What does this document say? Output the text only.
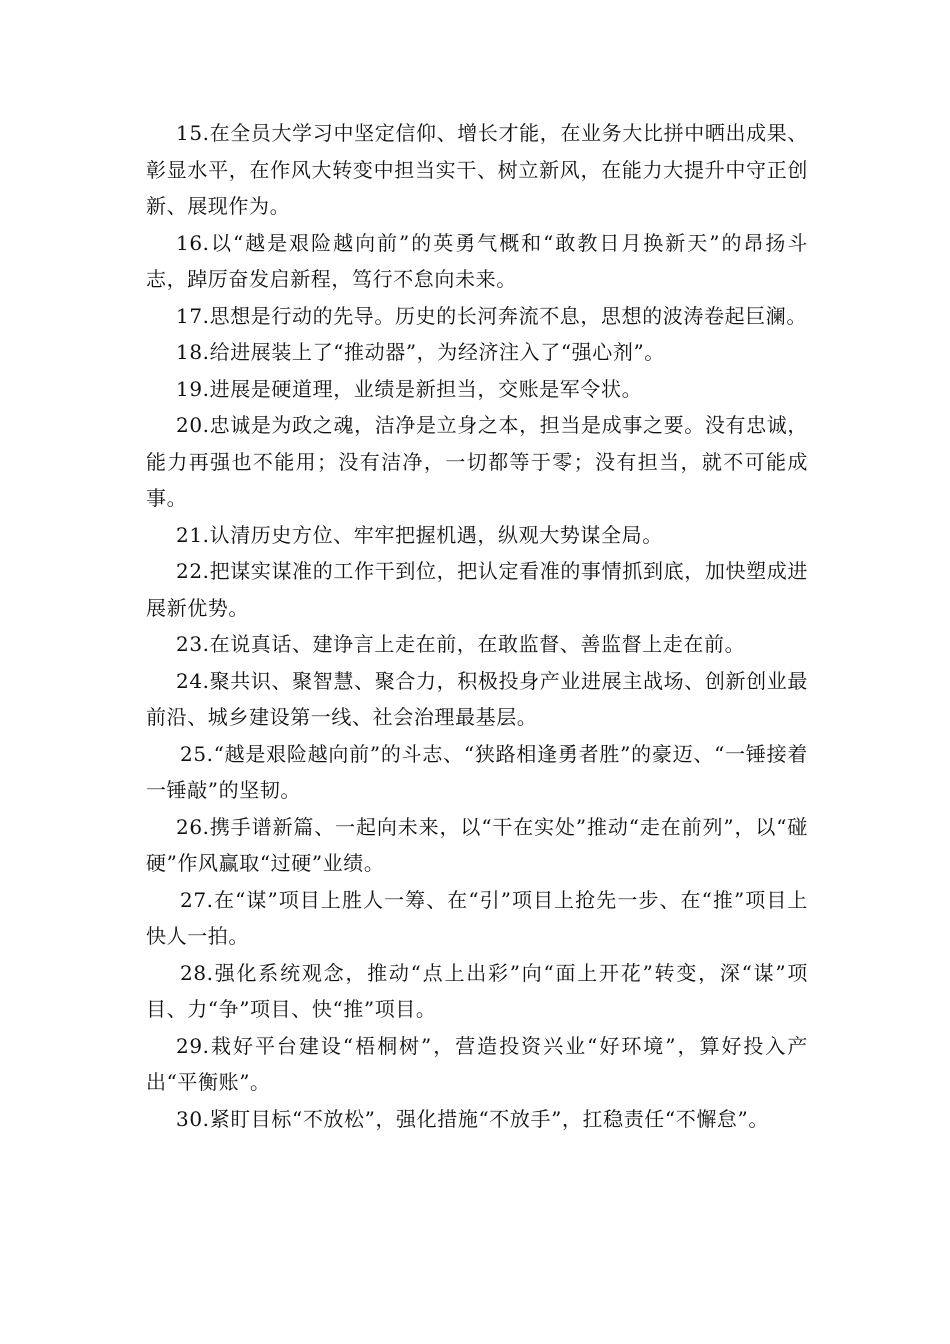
15.在全员大学习中坚定信仰、增长才能，在业务大比拼中晒出成果、彰显水平，在作风大转变中担当实干、树立新风，在能力大提升中守正创新、展现作为。

16.以“越是艰险越向前”的英勇气概和“敢教日月换新天”的昂扬斗志，踔厉奋发启新程，笃行不怠向未来。

17.思想是行动的先导。历史的长河奔流不息，思想的波涛卷起巨澜。

18.给进展装上了“推动器”，为经济注入了“强心剂”。

19.进展是硬道理，业绩是新担当，交账是军令状。

20.忠诚是为政之魂，洁净是立身之本，担当是成事之要。没有忠诚，能力再强也不能用；没有洁净，一切都等于零；没有担当，就不可能成事。

21.认清历史方位、牢牢把握机遇，纵观大势谋全局。

22.把谋实谋准的工作干到位，把认定看准的事情抓到底，加快塑成进展新优势。

23.在说真话、建诤言上走在前，在敢监督、善监督上走在前。

24.聚共识、聚智慧、聚合力，积极投身产业进展主战场、创新创业最前沿、城乡建设第一线、社会治理最基层。

25.“越是艰险越向前”的斗志、“狭路相逢勇者胜”的豪迈、“一锤接着一锤敲”的坚韧。

26.携手谱新篇、一起向未来，以“干在实处”推动“走在前列”，以“碰硬”作风赢取“过硬”业绩。

27.在“谋”项目上胜人一筹、在“引”项目上抢先一步、在“推”项目上快人一拍。

28.强化系统观念，推动“点上出彩”向“面上开花”转变，深“谋”项目、力“争”项目、快“推”项目。

29.栽好平台建设“梧桐树”，营造投资兴业“好环境”，算好投入产出“平衡账”。

30.紧盯目标“不放松”，强化措施“不放手”，扛稳责任“不懈怠”。
